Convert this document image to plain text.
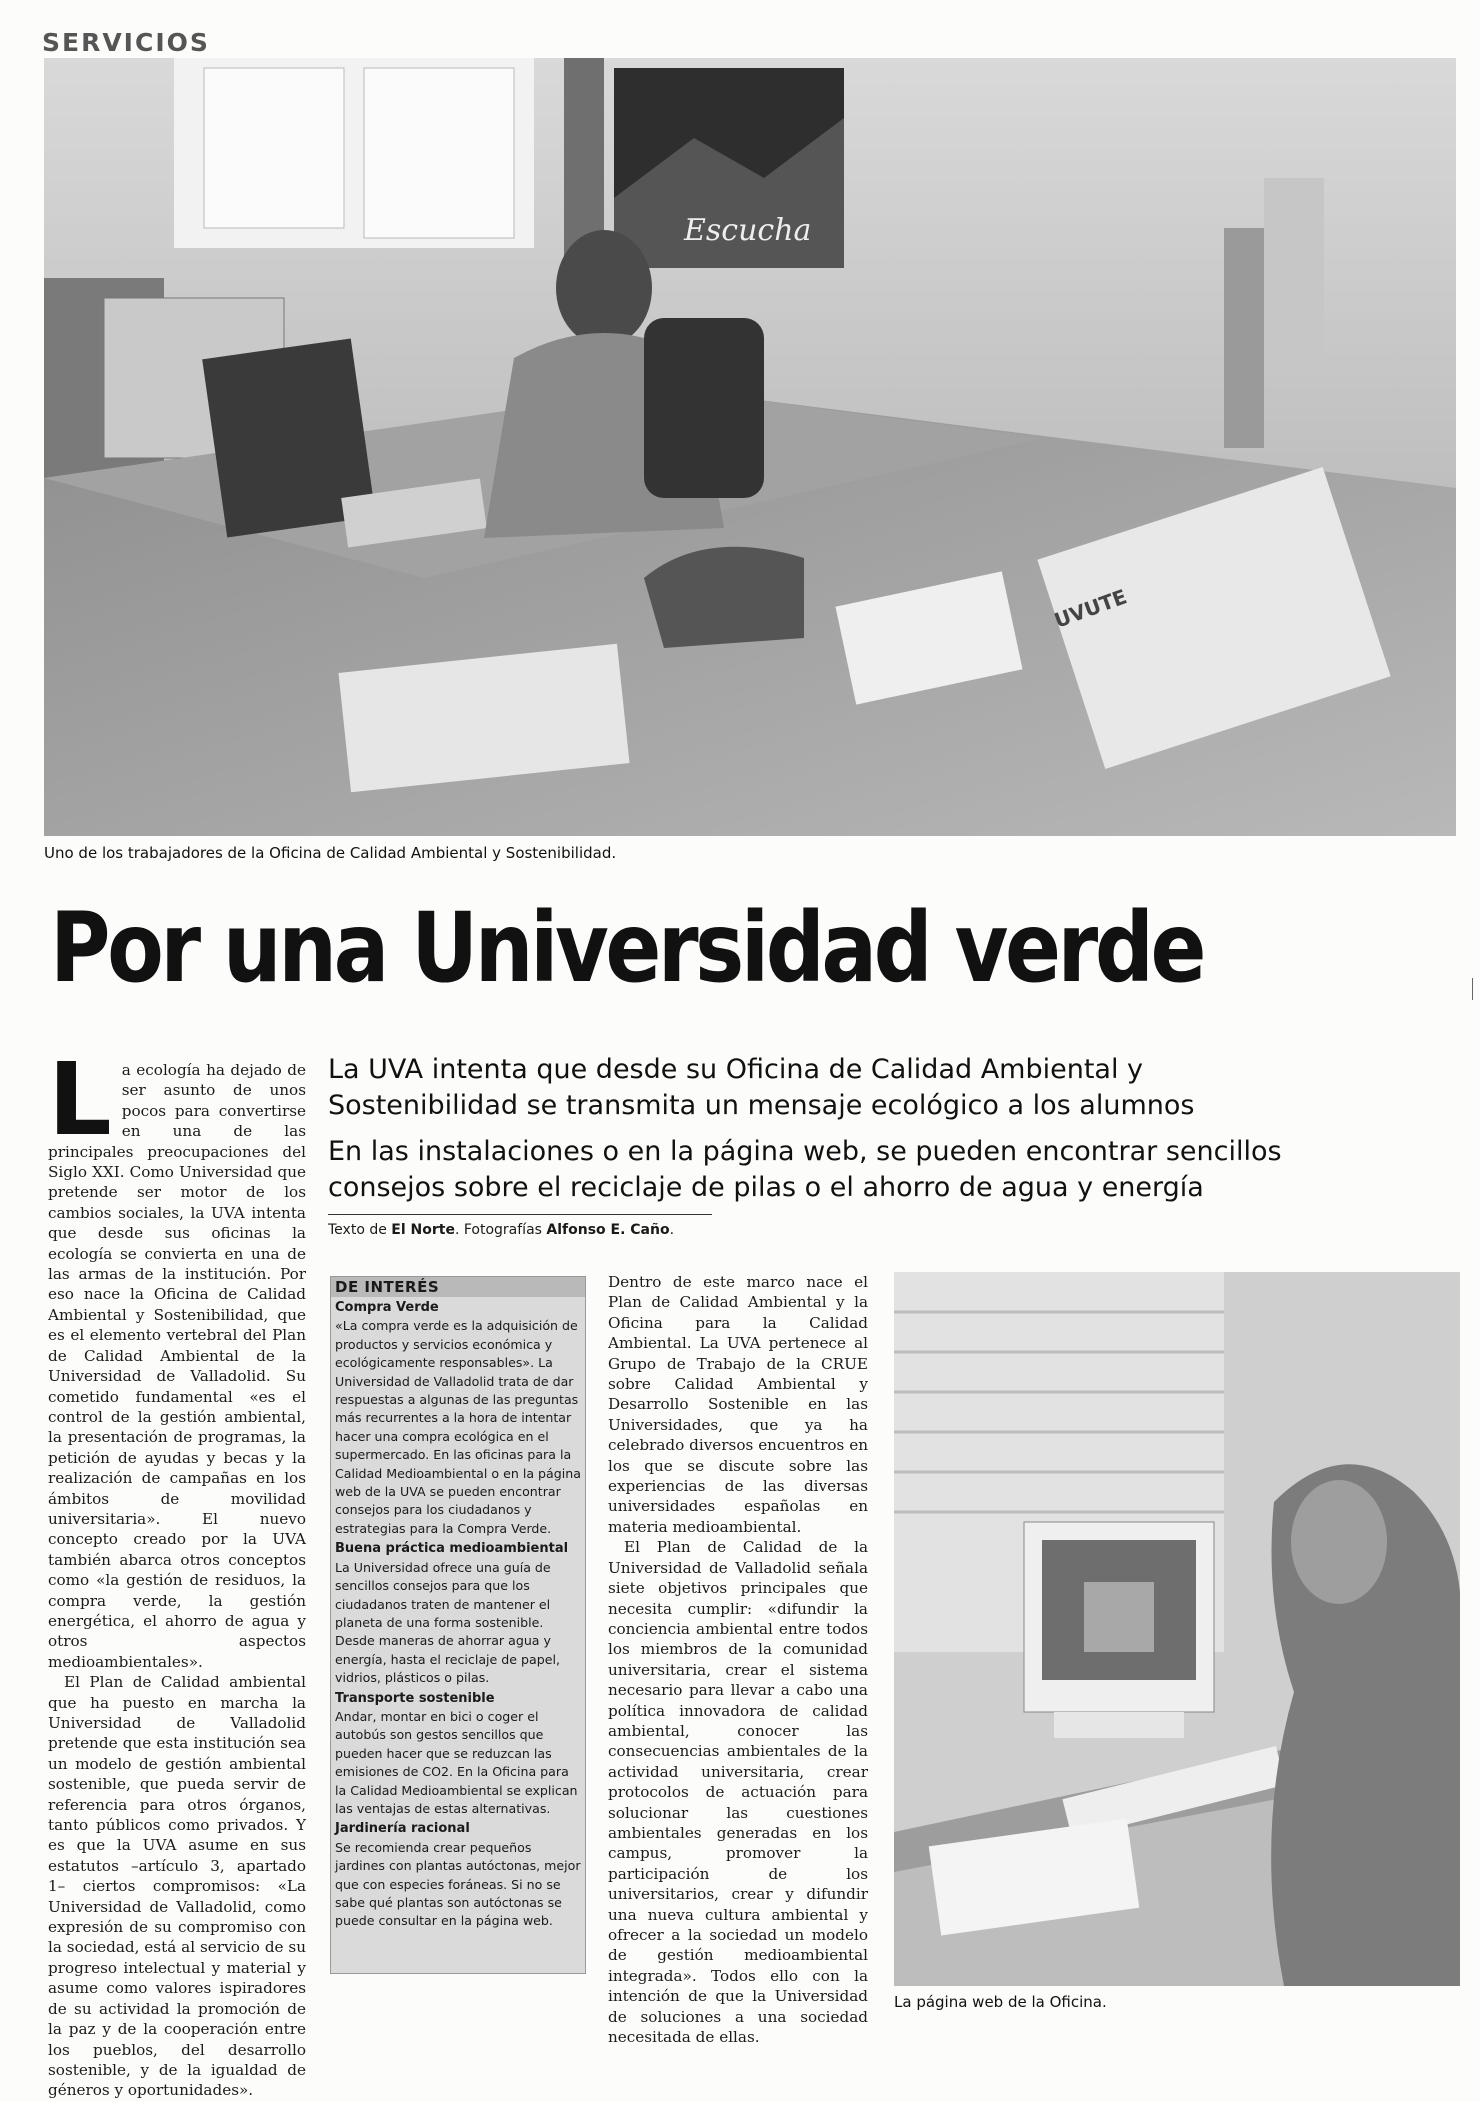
SERVICIOS
Escucha
UVUTE
Uno de los trabajadores de la Oficina de Calidad Ambiental y Sostenibilidad.
Por una Universidad verde
La UVA intenta que desde su Oficina de Calidad Ambiental y Sostenibilidad se transmita un mensaje ecológico a los alumnos
En las instalaciones o en la página web, se pueden encontrar sencillos consejos sobre el reciclaje de pilas o el ahorro de agua y energía
Texto de El Norte. Fotografías Alfonso E. Caño.

La ecología ha dejado de ser asunto de unos pocos para convertirse en una de las principales preocupaciones del Siglo XXI. Como Universidad que pretende ser motor de los cambios sociales, la UVA intenta que desde sus oficinas la ecología se convierta en una de las armas de la institución. Por eso nace la Oficina de Calidad Ambiental y Sostenibilidad, que es el elemento vertebral del Plan de Calidad Ambiental de la Universidad de Valladolid. Su cometido fundamental «es el control de la gestión ambiental, la presentación de programas, la petición de ayudas y becas y la realización de campañas en los ámbitos de movilidad universitaria». El nuevo concepto creado por la UVA también abarca otros conceptos como «la gestión de residuos, la compra verde, la gestión energética, el ahorro de agua y otros aspectos medioambientales».

El Plan de Calidad ambiental que ha puesto en marcha la Universidad de Valladolid pretende que esta institución sea un modelo de gestión ambiental sostenible, que pueda servir de referencia para otros órganos, tanto públicos como privados. Y es que la UVA asume en sus estatutos –artículo 3, apartado 1– ciertos compromisos: «La Universidad de Valladolid, como expresión de su compromiso con la sociedad, está al servicio de su progreso intelectual y material y asume como valores ispiradores de su actividad la promoción de la paz y de la cooperación entre los pueblos, del desarrollo sostenible, y de la igualdad de géneros y oportunidades».

DE INTERÉS
Compra Verde
«La compra verde es la adquisición de productos y servicios económica y ecológicamente responsables». La Universidad de Valladolid trata de dar respuestas a algunas de las preguntas más recurrentes a la hora de intentar hacer una compra ecológica en el supermercado. En las oficinas para la Calidad Medioambiental o en la página web de la UVA se pueden encontrar consejos para los ciudadanos y estrategias para la Compra Verde.
Buena práctica medioambiental
La Universidad ofrece una guía de sencillos consejos para que los ciudadanos traten de mantener el planeta de una forma sostenible. Desde maneras de ahorrar agua y energía, hasta el reciclaje de papel, vidrios, plásticos o pilas.
Transporte sostenible
Andar, montar en bici o coger el autobús son gestos sencillos que pueden hacer que se reduzcan las emisiones de CO2. En la Oficina para la Calidad Medioambiental se explican las ventajas de estas alternativas.
Jardinería racional
Se recomienda crear pequeños jardines con plantas autóctonas, mejor que con especies foráneas. Si no se sabe qué plantas son autóctonas se puede consultar en la página web.

Dentro de este marco nace el Plan de Calidad Ambiental y la Oficina para la Calidad Ambiental. La UVA pertenece al Grupo de Trabajo de la CRUE sobre Calidad Ambiental y Desarrollo Sostenible en las Universidades, que ya ha celebrado diversos encuentros en los que se discute sobre las experiencias de las diversas universidades españolas en materia medioambiental.

El Plan de Calidad de la Universidad de Valladolid señala siete objetivos principales que necesita cumplir: «difundir la conciencia ambiental entre todos los miembros de la comunidad universitaria, crear el sistema necesario para llevar a cabo una política innovadora de calidad ambiental, conocer las consecuencias ambientales de la actividad universitaria, crear protocolos de actuación para solucionar las cuestiones ambientales generadas en los campus, promover la participación de los universitarios, crear y difundir una nueva cultura ambiental y ofrecer a la sociedad un modelo de gestión medioambiental integrada». Todos ello con la intención de que la Universidad de soluciones a una sociedad necesitada de ellas.

La página web de la Oficina.
